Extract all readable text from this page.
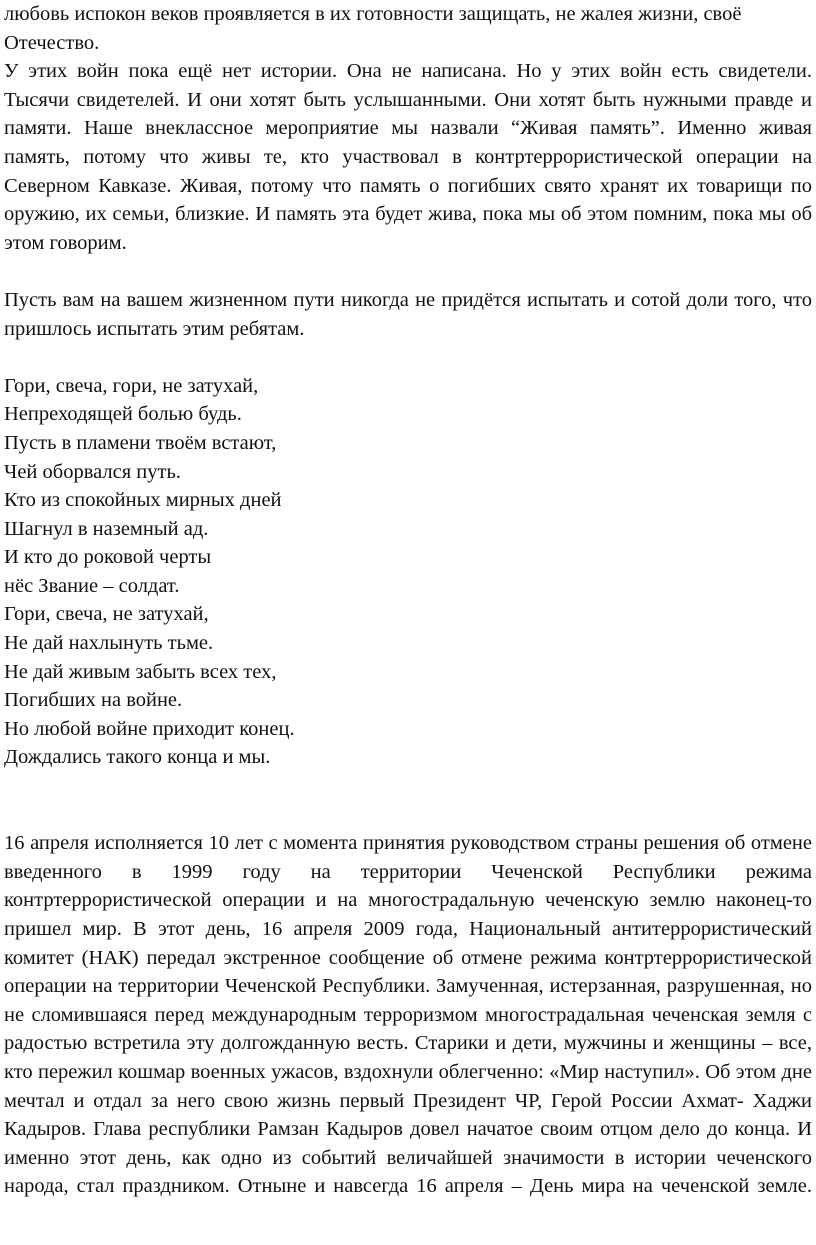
любовь испокон веков проявляется в их готовности защищать, не жалея жизни, своё Отечество.

У этих войн пока ещё нет истории. Она не написана. Но у этих войн есть свидетели. Тысячи свидетелей. И они хотят быть услышанными. Они хотят быть нужными правде и памяти. Наше внеклассное мероприятие мы назвали “Живая память”. Именно живая память, потому что живы те, кто участвовал в контртеррористической операции на Северном Кавказе. Живая, потому что память о погибших свято хранят их товарищи по оружию, их семьи, близкие. И память эта будет жива, пока мы об этом помним, пока мы об этом говорим.

Пусть вам на вашем жизненном пути никогда не придётся испытать и сотой доли того, что пришлось испытать этим ребятам.

Гори, свеча, гори, не затухай,
Непреходящей болью будь.
Пусть в пламени твоём встают,
Чей оборвался путь.
Кто из спокойных мирных дней
Шагнул в наземный ад.
И кто до роковой черты
нёс Звание – солдат.
Гори, свеча, не затухай,
Не дай нахлынуть тьме.
Не дай живым забыть всех тех,
Погибших на войне.
Но любой войне приходит конец.
Дождались такого конца и мы.

16 апреля исполняется 10 лет с момента принятия руководством страны решения об отмене введенного в 1999 году на территории Чеченской Республики режима контртеррористической операции и на многострадальную чеченскую землю наконец-то пришел мир. В этот день, 16 апреля 2009 года, Национальный антитеррористический комитет (НАК) передал экстренное сообщение об отмене режима контртеррористической операции на территории Чеченской Республики. Замученная, истерзанная, разрушенная, но не сломившаяся перед международным терроризмом многострадальная чеченская земля с радостью встретила эту долгожданную весть. Старики и дети, мужчины и женщины – все, кто пережил кошмар военных ужасов, вздохнули облегченно: «Мир наступил». Об этом дне мечтал и отдал за него свою жизнь первый Президент ЧР, Герой России Ахмат- Хаджи Кадыров. Глава республики Рамзан Кадыров довел начатое своим отцом дело до конца. И именно этот день, как одно из событий величайшей значимости в истории чеченского народа, стал праздником. Отныне и навсегда 16 апреля – День мира на чеченской земле.
